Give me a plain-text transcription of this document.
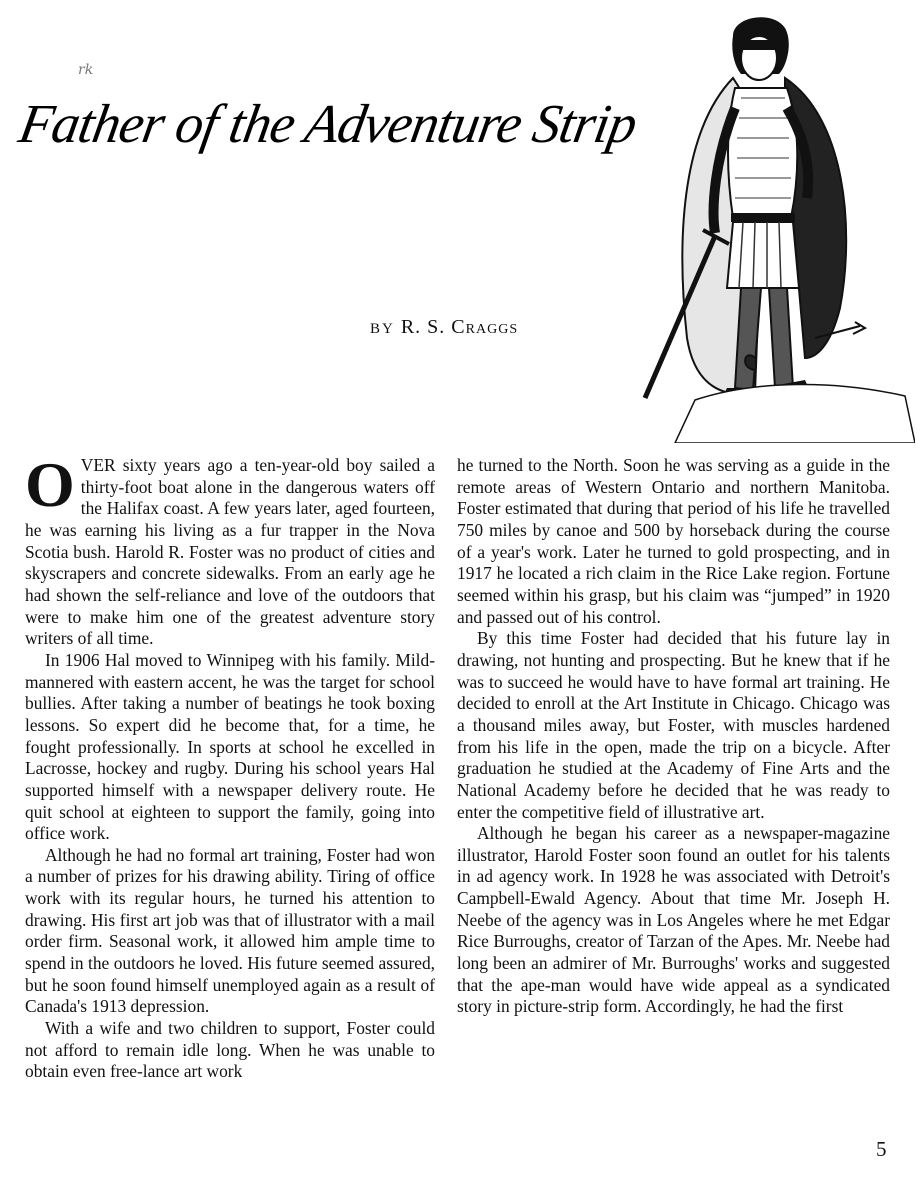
rk
Father of the Adventure Strip
BY R. S. Craggs

OVER sixty years ago a ten-year-old boy sailed a thirty-foot boat alone in the dangerous waters off the Halifax coast. A few years later, aged fourteen, he was earning his living as a fur trapper in the Nova Scotia bush. Harold R. Foster was no product of cities and skyscrapers and concrete sidewalks. From an early age he had shown the self-reliance and love of the outdoors that were to make him one of the greatest adventure story writers of all time.

In 1906 Hal moved to Winnipeg with his family. Mild-mannered with eastern accent, he was the target for school bullies. After taking a number of beatings he took boxing lessons. So expert did he become that, for a time, he fought professionally. In sports at school he excelled in Lacrosse, hockey and rugby. During his school years Hal supported himself with a newspaper delivery route. He quit school at eighteen to support the family, going into office work.

Although he had no formal art training, Foster had won a number of prizes for his drawing ability. Tiring of office work with its regular hours, he turned his attention to drawing. His first art job was that of illustrator with a mail order firm. Seasonal work, it allowed him ample time to spend in the outdoors he loved. His future seemed assured, but he soon found himself unemployed again as a result of Canada's 1913 depression.

With a wife and two children to support, Foster could not afford to remain idle long. When he was unable to obtain even free-lance art work

he turned to the North. Soon he was serving as a guide in the remote areas of Western Ontario and northern Manitoba. Foster estimated that during that period of his life he travelled 750 miles by canoe and 500 by horseback during the course of a year's work. Later he turned to gold prospecting, and in 1917 he located a rich claim in the Rice Lake region. Fortune seemed within his grasp, but his claim was “jumped” in 1920 and passed out of his control.

By this time Foster had decided that his future lay in drawing, not hunting and prospecting. But he knew that if he was to succeed he would have to have formal art training. He decided to enroll at the Art Institute in Chicago. Chicago was a thousand miles away, but Foster, with muscles hardened from his life in the open, made the trip on a bicycle. After graduation he studied at the Academy of Fine Arts and the National Academy before he decided that he was ready to enter the competitive field of illustrative art.

Although he began his career as a newspaper-magazine illustrator, Harold Foster soon found an outlet for his talents in ad agency work. In 1928 he was associated with Detroit's Campbell-Ewald Agency. About that time Mr. Joseph H. Neebe of the agency was in Los Angeles where he met Edgar Rice Burroughs, creator of Tarzan of the Apes. Mr. Neebe had long been an admirer of Mr. Burroughs' works and suggested that the ape-man would have wide appeal as a syndicated story in picture-strip form. Accordingly, he had the first

5
